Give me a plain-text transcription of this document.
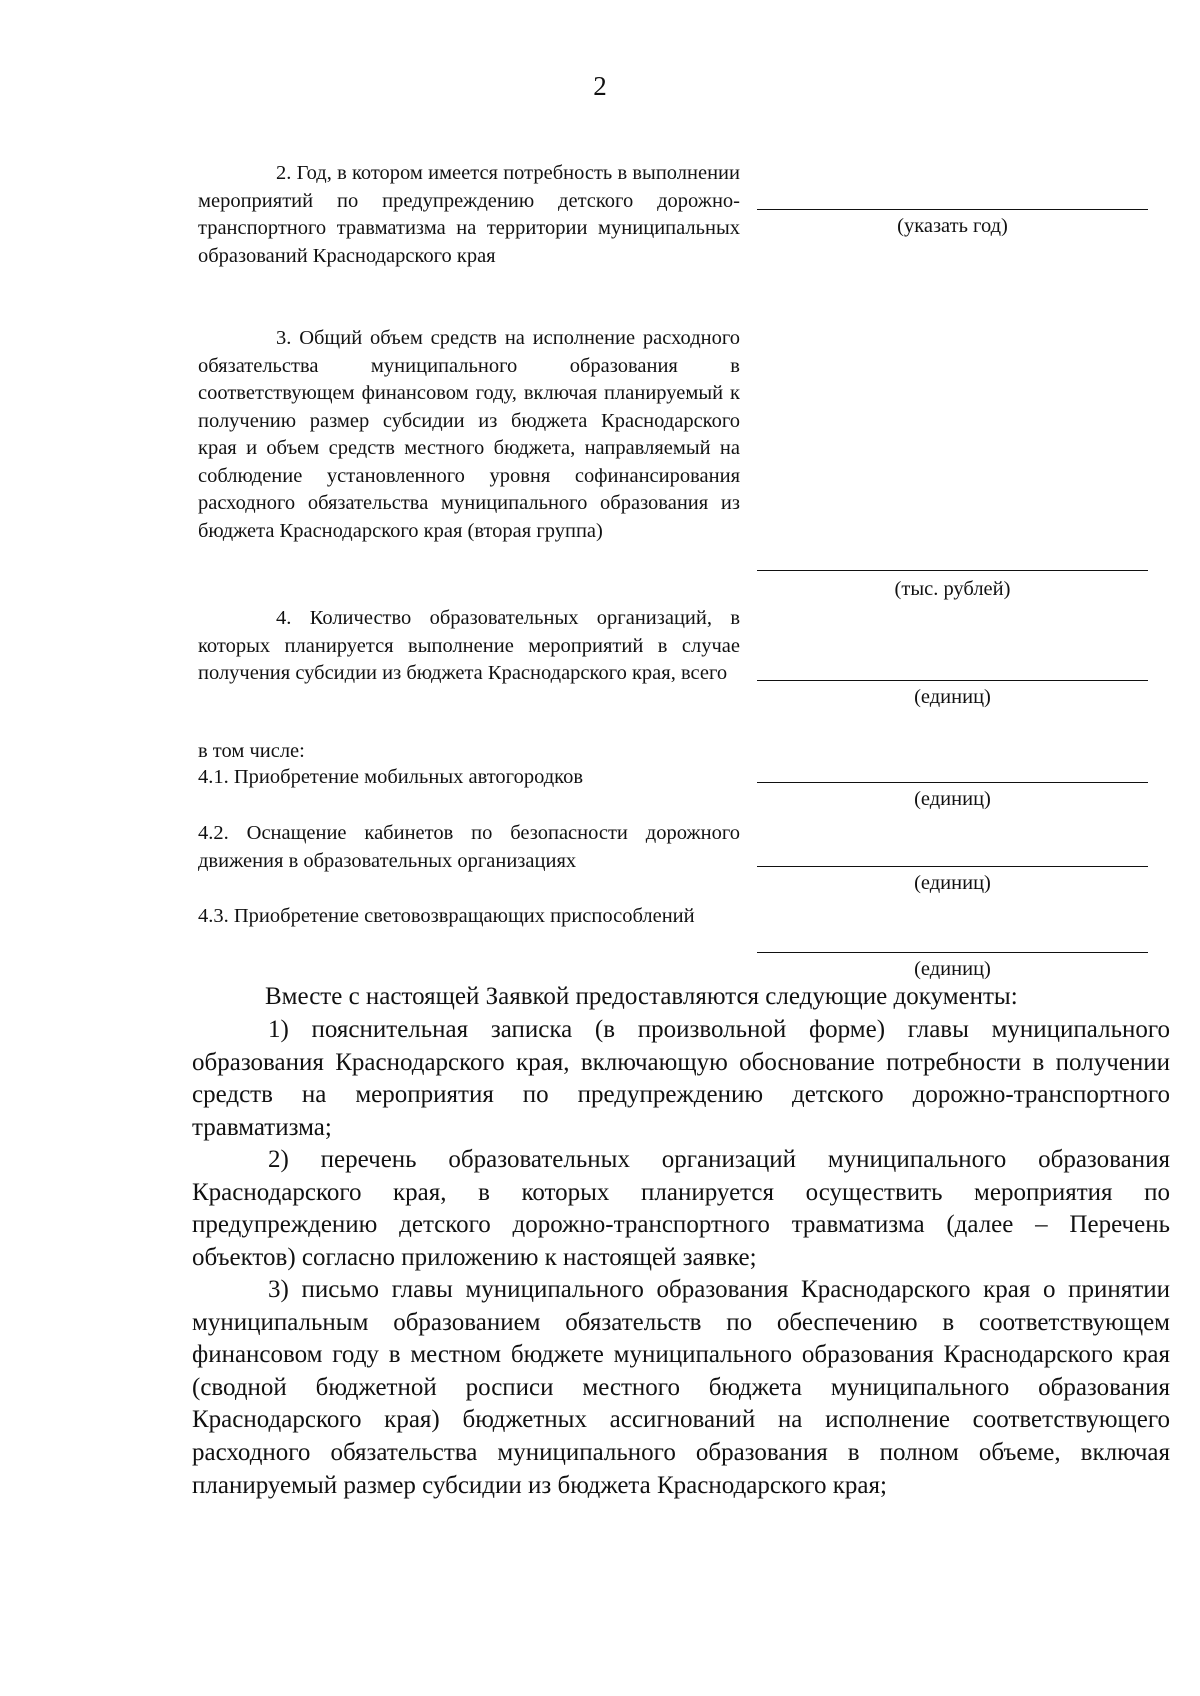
2

2. Год, в котором имеется потребность в выполнении мероприятий по предупреждению детского дорожно-транспортного травматизма на территории муниципальных образований Краснодарского края

(указать год)

3. Общий объем средств на исполнение расходного обязательства муниципального образования в соответствующем финансовом году, включая планируемый к получению размер субсидии из бюджета Краснодарского края и объем средств местного бюджета, направляемый на соблюдение установленного уровня софинансирования расходного обязательства муниципального образования из бюджета Краснодарского края (вторая группа)

(тыс. рублей)

4. Количество образовательных организаций, в которых планируется выполнение мероприятий в случае получения субсидии из бюджета Краснодарского края, всего

(единиц)

в том числе:

4.1. Приобретение мобильных автогородков

(единиц)

4.2. Оснащение кабинетов по безопасности дорожного движения в образовательных организациях

(единиц)

4.3. Приобретение световозвращающих приспособлений

(единиц)

Вместе с настоящей Заявкой предоставляются следующие документы:

1) пояснительная записка (в произвольной форме) главы муниципального образования Краснодарского края, включающую обоснование потребности в получении средств на мероприятия по предупреждению детского дорожно-транспортного травматизма;

2) перечень образовательных организаций муниципального образования Краснодарского края, в которых планируется осуществить мероприятия по предупреждению детского дорожно-транспортного травматизма (далее – Перечень объектов) согласно приложению к настоящей заявке;

3) письмо главы муниципального образования Краснодарского края о принятии муниципальным образованием обязательств по обеспечению в соответствующем финансовом году в местном бюджете муниципального образования Краснодарского края (сводной бюджетной росписи местного бюджета муниципального образования Краснодарского края) бюджетных ассигнований на исполнение соответствующего расходного обязательства муниципального образования в полном объеме, включая планируемый размер субсидии из бюджета Краснодарского края;
